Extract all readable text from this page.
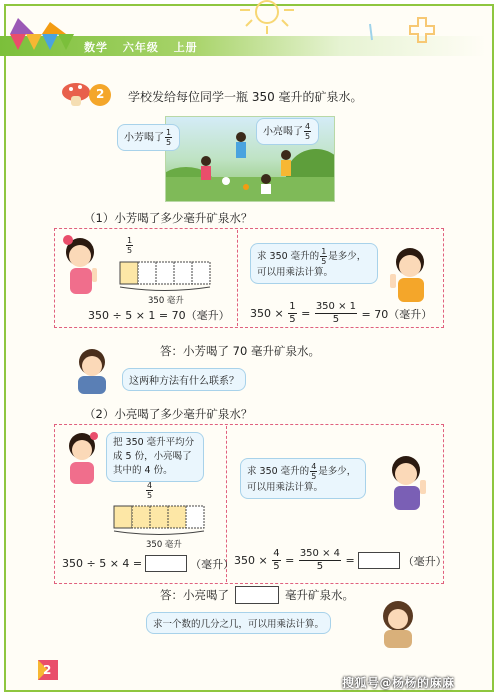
数学 六年级 上册
2 学校发给每位同学一瓶 350 毫升的矿泉水。
小芳喝了 $\frac{1}{5}$	小亮喝了 $\frac{4}{5}$
（1）小芳喝了多少毫升矿泉水？
$\frac{1}{5}$
350 毫升
350 ÷ 5 × 1 = 70（毫升）
求 350 毫升的 $\frac{1}{5}$ 是多少，
可以用乘法计算。
350 ×
$\frac{1}{5}$
=
$\frac{350 \times 1}{5}$
= 70（毫升）
答：小芳喝了 70 毫升矿泉水。
这两种方法有什么联系？
（2）小亮喝了多少毫升矿泉水？
把 350 毫升平均分
成 5 份，小亮喝了
其中的 4 份。
$\frac{4}{5}$
350 毫升
350 ÷ 5 × 4 =	（毫升）
求 350 毫升的 $\frac{4}{5}$ 是多少，
可以用乘法计算。
350 ×
$\frac{4}{5}$
=
$\frac{350 \times 4}{5}$
=	（毫升）
答：小亮喝了	毫升矿泉水。
求一个数的几分之几，可以用乘法计算。
2
搜狐号@杨杨的麻麻
